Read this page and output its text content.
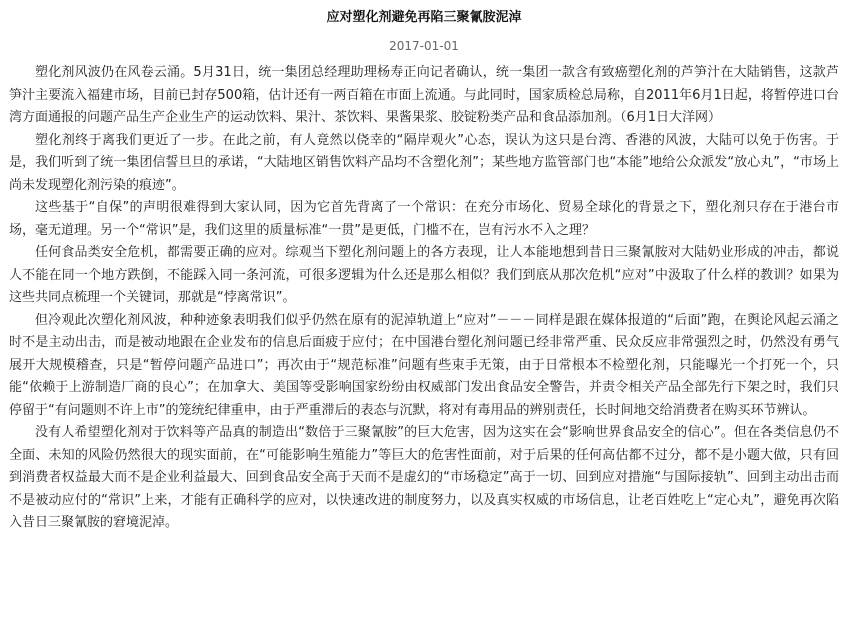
应对塑化剂避免再陷三聚氰胺泥淖
2017-01-01

塑化剂风波仍在风卷云涌。5月31日，统一集团总经理助理杨寿正向记者确认，统一集团一款含有致癌塑化剂的芦笋汁在大陆销售，这款芦笋汁主要流入福建市场，目前已封存500箱，估计还有一两百箱在市面上流通。与此同时，国家质检总局称，自2011年6月1日起，将暂停进口台湾方面通报的问题产品生产企业生产的运动饮料、果汁、茶饮料、果酱果浆、胶锭粉类产品和食品添加剂。（6月1日大洋网）

塑化剂终于离我们更近了一步。在此之前，有人竟然以侥幸的“隔岸观火”心态，误认为这只是台湾、香港的风波，大陆可以免于伤害。于是，我们听到了统一集团信誓旦旦的承诺，“大陆地区销售饮料产品均不含塑化剂”；某些地方监管部门也“本能”地给公众派发“放心丸”，“市场上尚未发现塑化剂污染的痕迹”。

这些基于“自保”的声明很难得到大家认同，因为它首先背离了一个常识：在充分市场化、贸易全球化的背景之下，塑化剂只存在于港台市场，毫无道理。另一个“常识”是，我们这里的质量标准“一贯”是更低，门槛不在，岂有污水不入之理？

任何食品类安全危机，都需要正确的应对。综观当下塑化剂问题上的各方表现，让人本能地想到昔日三聚氰胺对大陆奶业形成的冲击，都说人不能在同一个地方跌倒，不能踩入同一条河流，可很多逻辑为什么还是那么相似？我们到底从那次危机“应对”中汲取了什么样的教训？如果为这些共同点梳理一个关键词，那就是“悖离常识”。

但冷观此次塑化剂风波，种种迹象表明我们似乎仍然在原有的泥淖轨道上“应对”－－－同样是跟在媒体报道的“后面”跑，在舆论风起云涌之时不是主动出击，而是被动地跟在企业发布的信息后面疲于应付；在中国港台塑化剂问题已经非常严重、民众反应非常强烈之时，仍然没有勇气展开大规模稽查，只是“暂停问题产品进口”；再次由于“规范标准”问题有些束手无策，由于日常根本不检塑化剂，只能曝光一个打死一个，只能“依赖于上游制造厂商的良心”；在加拿大、美国等受影响国家纷纷由权威部门发出食品安全警告，并责令相关产品全部先行下架之时，我们只停留于“有问题则不许上市”的笼统纪律重申，由于严重滞后的表态与沉默，将对有毒用品的辨别责任，长时间地交给消费者在购买环节辨认。

没有人希望塑化剂对于饮料等产品真的制造出“数倍于三聚氰胺”的巨大危害，因为这实在会“影响世界食品安全的信心”。但在各类信息仍不全面、未知的风险仍然很大的现实面前，在“可能影响生殖能力”等巨大的危害性面前，对于后果的任何高估都不过分，都不是小题大做，只有回到消费者权益最大而不是企业利益最大、回到食品安全高于天而不是虚幻的“市场稳定”高于一切、回到应对措施“与国际接轨”、回到主动出击而不是被动应付的“常识”上来，才能有正确科学的应对，以快速改进的制度努力，以及真实权威的市场信息，让老百姓吃上“定心丸”，避免再次陷入昔日三聚氰胺的窘境泥淖。
